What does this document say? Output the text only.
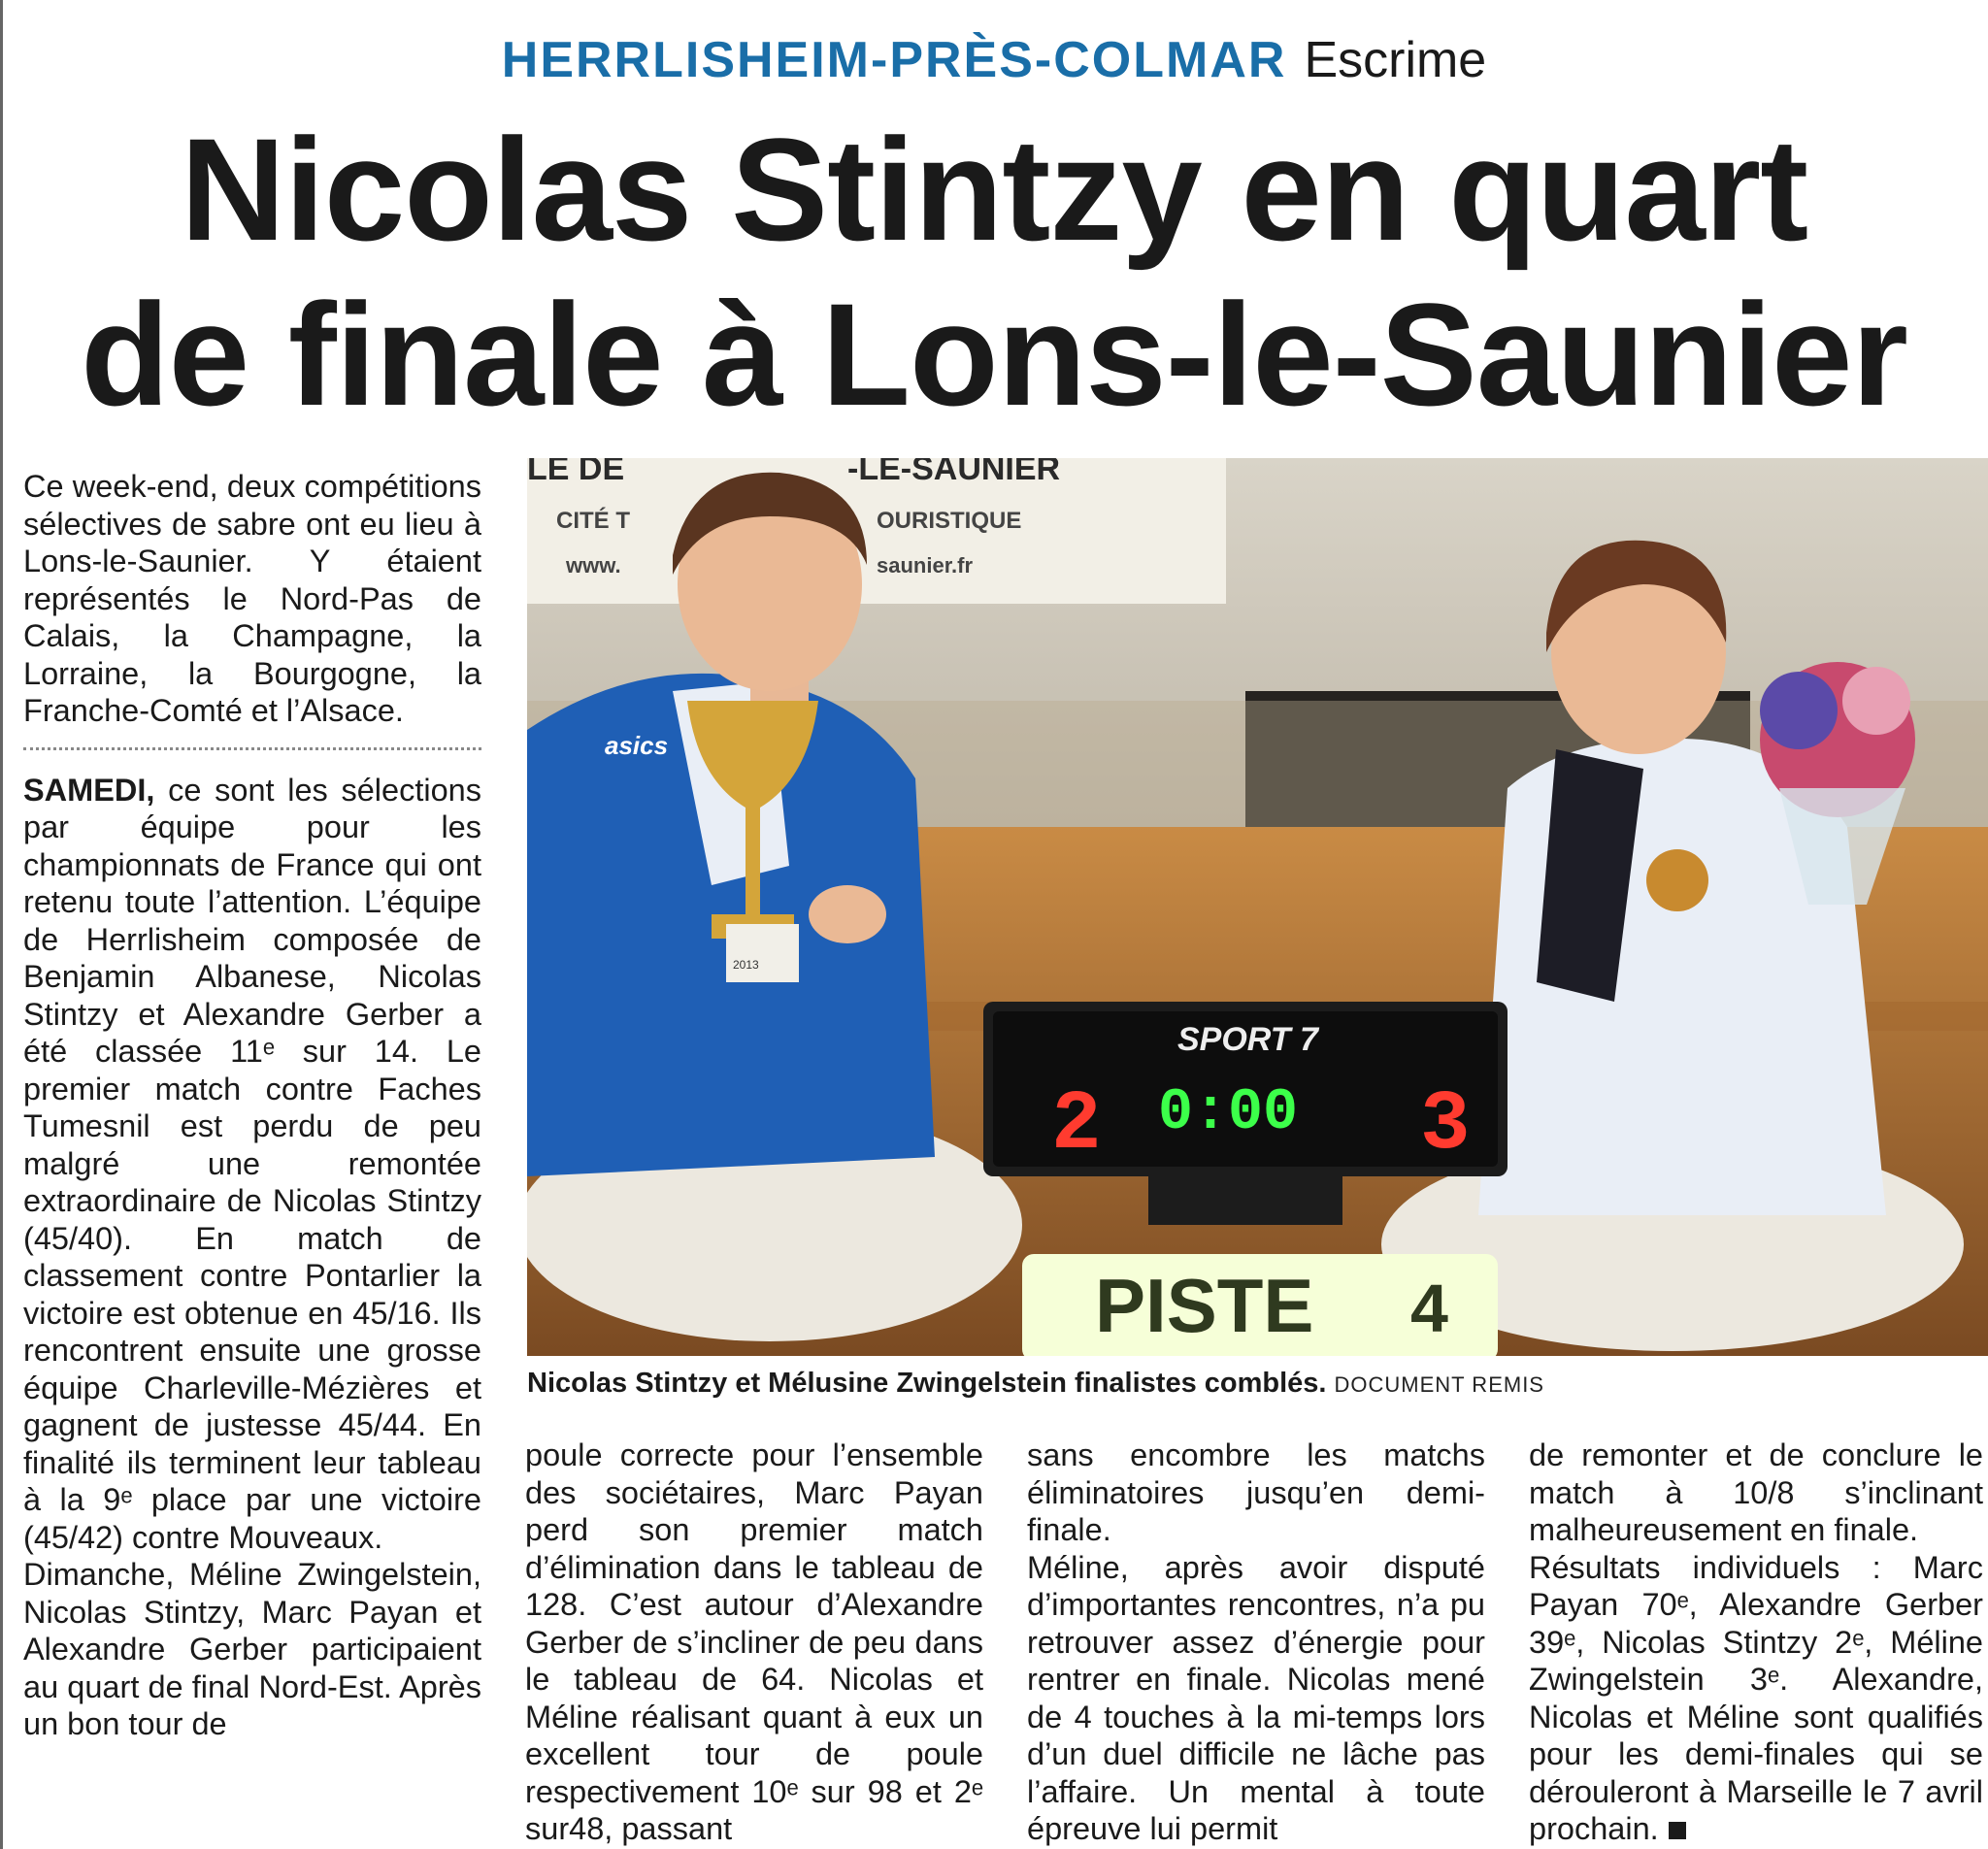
HERRLISHEIM-PRÈS-COLMAR Escrime
Nicolas Stintzy en quart
de finale à Lons-le-Saunier

Ce week-end, deux compétitions sélectives de sabre ont eu lieu à Lons-le-Saunier. Y étaient représentés le Nord-Pas de Calais, la Champagne, la Lorraine, la Bourgogne, la Franche-Comté et l’Alsace.

SAMEDI, ce sont les sélections par équipe pour les championnats de France qui ont retenu toute l’attention. L’équipe de Herrlisheim composée de Benjamin Albanese, Nicolas Stintzy et Alexandre Gerber a été classée 11ᵉ sur 14. Le premier match contre Faches Tumesnil est perdu de peu malgré une remontée extraordinaire de Nicolas Stintzy (45/40). En match de classement contre Pontarlier la victoire est obtenue en 45/16. Ils rencontrent ensuite une grosse équipe Charleville-Mézières et gagnent de justesse 45/44. En finalité ils terminent leur tableau à la 9ᵉ place par une victoire (45/42) contre Mouveaux.

Dimanche, Méline Zwingelstein, Nicolas Stintzy, Marc Payan et Alexandre Gerber participaient au quart de final Nord-Est. Après un bon tour de

LE DE	-LE-SAUNIER
CITÉ T	OURISTIQUE
www.	saunier.fr
asics
2013
SPORT 7
2 0:00 3
PISTE 4
Nicolas Stintzy et Mélusine Zwingelstein finalistes comblés. DOCUMENT REMIS

poule correcte pour l’ensemble des sociétaires, Marc Payan perd son premier match d’élimination dans le tableau de 128. C’est autour d’Alexandre Gerber de s’incliner de peu dans le tableau de 64. Nicolas et Méline réalisant quant à eux un excellent tour de poule respectivement 10ᵉ sur 98 et 2ᵉ sur48, passant

sans encombre les matchs éliminatoires jusqu’en demi-finale.

Méline, après avoir disputé d’importantes rencontres, n’a pu retrouver assez d’énergie pour rentrer en finale. Nicolas mené de 4 touches à la mi-temps lors d’un duel difficile ne lâche pas l’affaire. Un mental à toute épreuve lui permit

de remonter et de conclure le match à 10/8 s’inclinant malheureusement en finale.

Résultats individuels : Marc Payan 70ᵉ, Alexandre Gerber 39ᵉ, Nicolas Stintzy 2ᵉ, Méline Zwingelstein 3ᵉ. Alexandre, Nicolas et Méline sont qualifiés pour les demi-finales qui se dérouleront à Marseille le 7 avril prochain.
